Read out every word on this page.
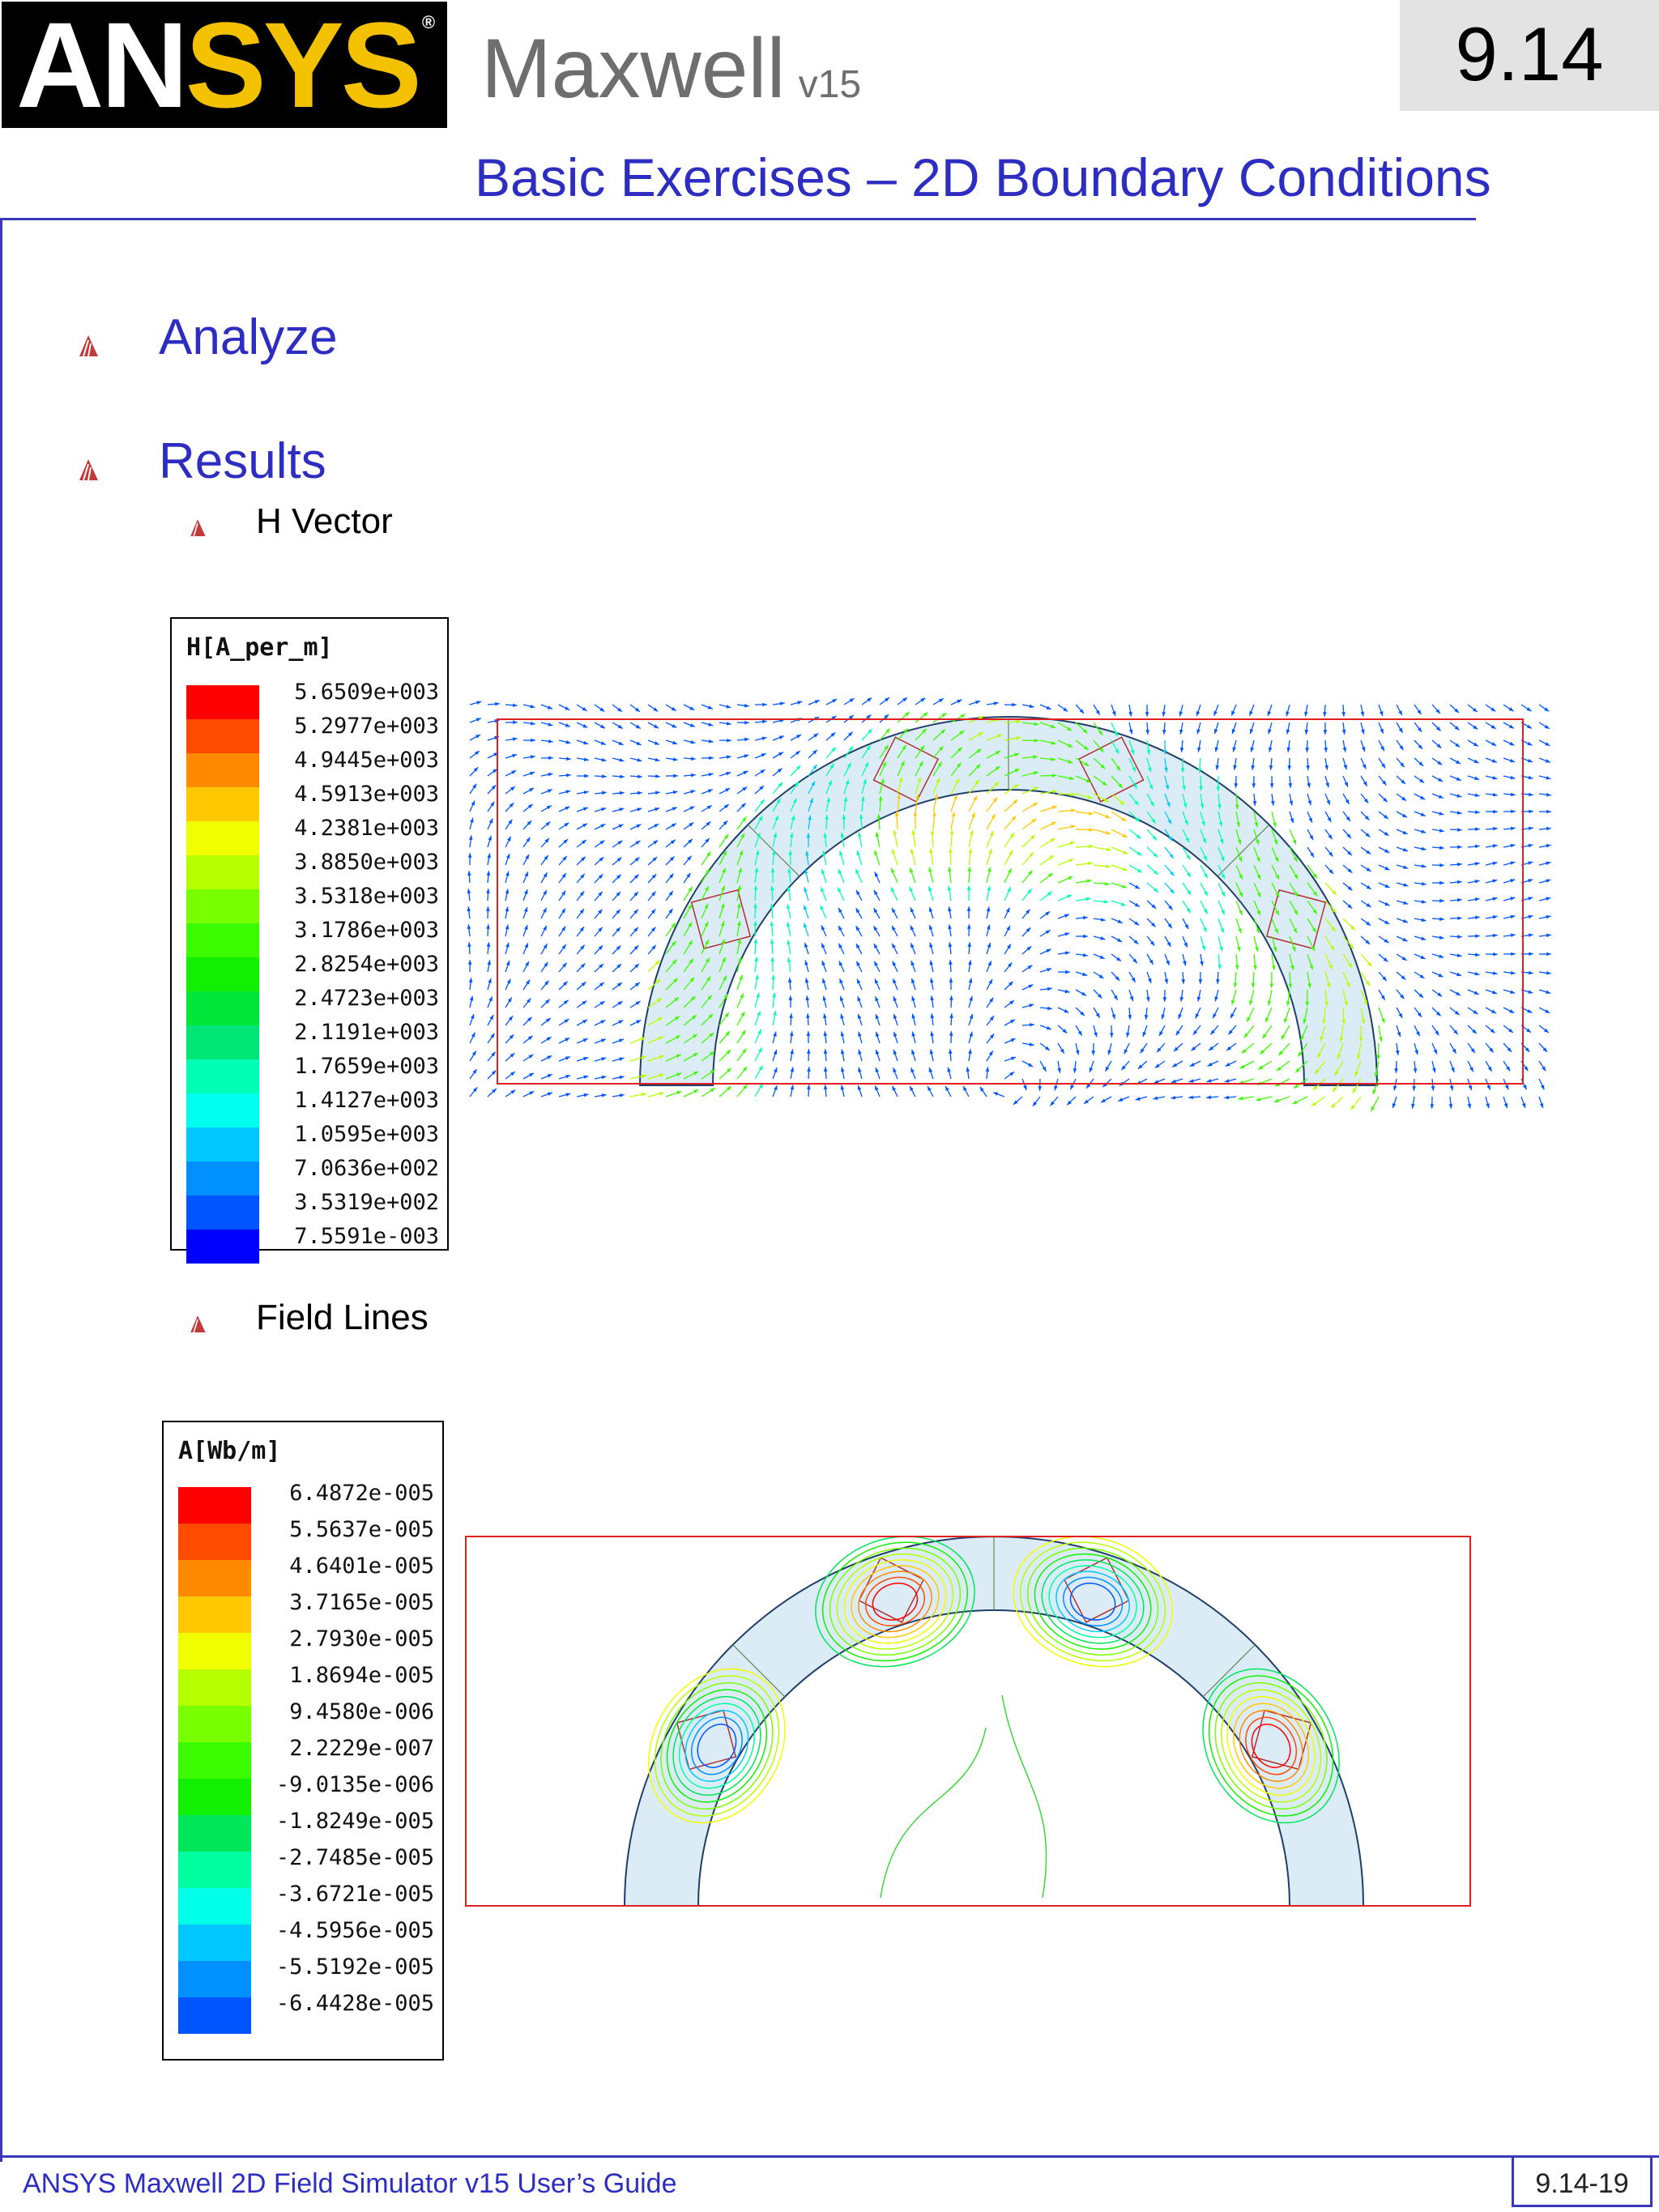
ANSYS ® Maxwell v15	9.14
Basic Exercises – 2D Boundary Conditions
Analyze
Results
H Vector
Field Lines
H[A_per_m]
5.6509e+003
5.2977e+003
4.9445e+003
4.5913e+003
4.2381e+003
3.8850e+003
3.5318e+003
3.1786e+003
2.8254e+003
2.4723e+003
2.1191e+003
1.7659e+003
1.4127e+003
1.0595e+003
7.0636e+002
3.5319e+002
7.5591e-003
A[Wb/m]
6.4872e-005
5.5637e-005
4.6401e-005
3.7165e-005
2.7930e-005
1.8694e-005
9.4580e-006
2.2229e-007
-9.0135e-006
-1.8249e-005
-2.7485e-005
-3.6721e-005
-4.5956e-005
-5.5192e-005
-6.4428e-005
ANSYS Maxwell 2D Field Simulator v15 User’s Guide	9.14-19
